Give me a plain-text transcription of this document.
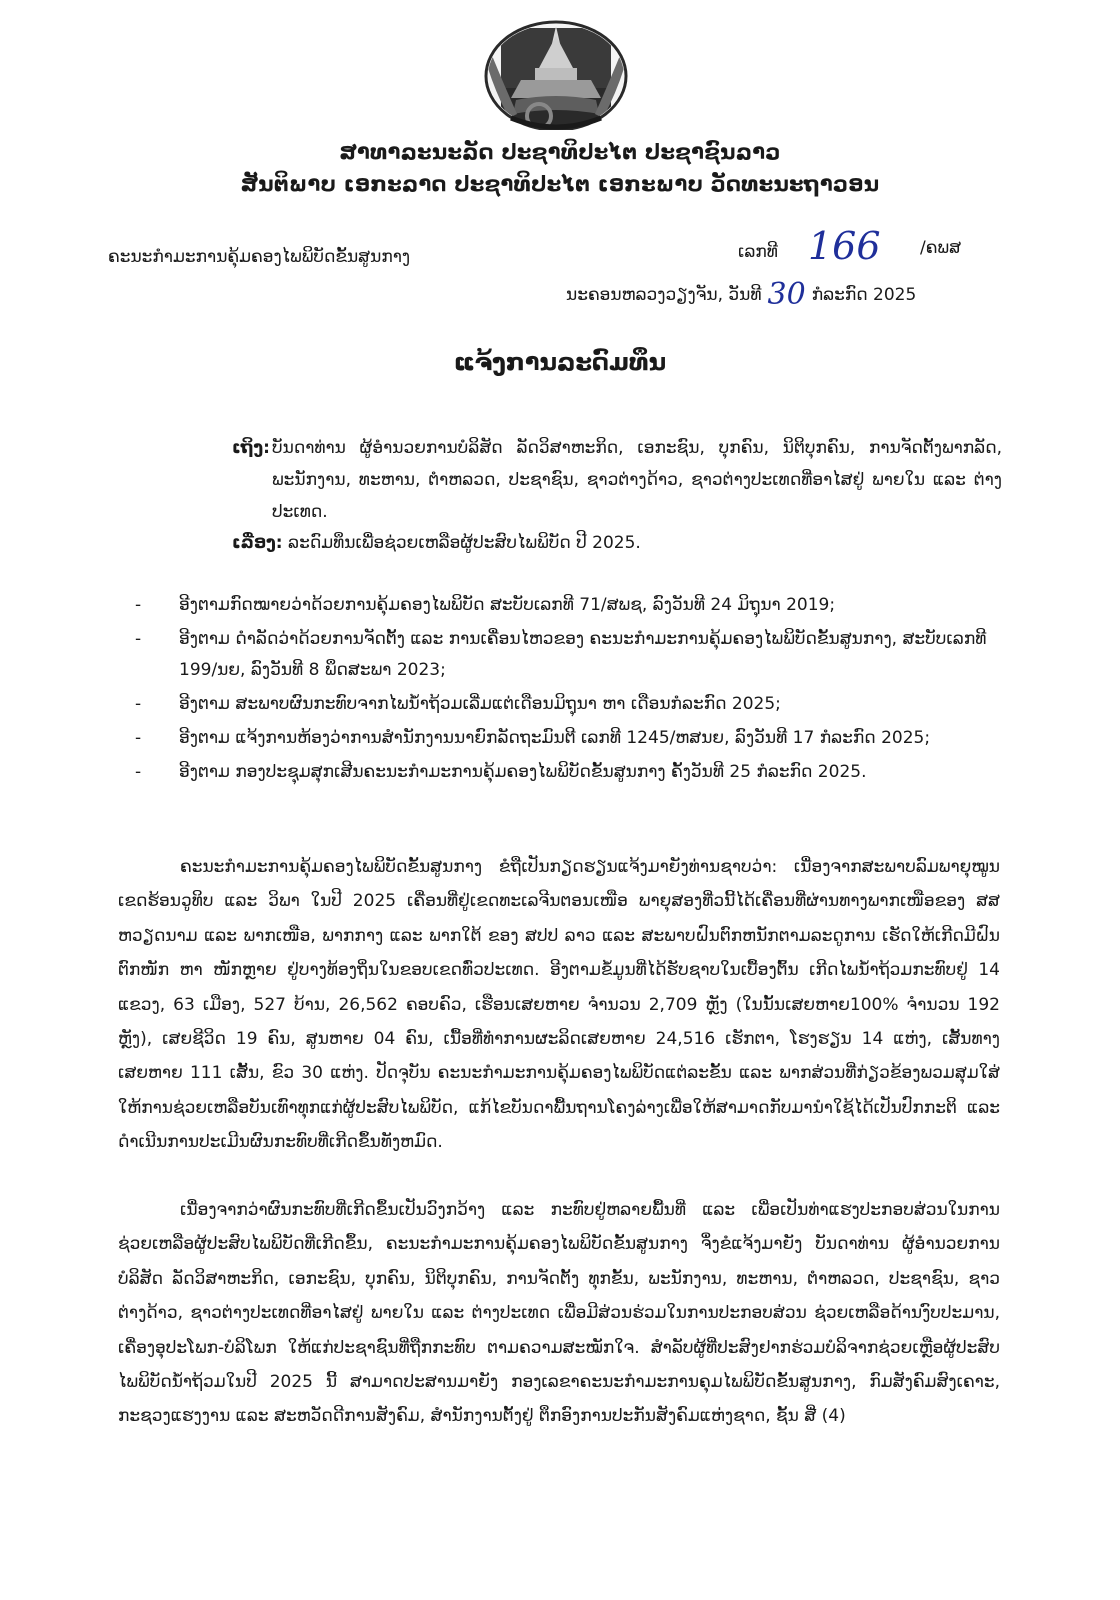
ສາທາລະນະລັດ ປະຊາທິປະໄຕ ປະຊາຊົນລາວ
ສັນຕິພາບ ເອກະລາດ ປະຊາທິປະໄຕ ເອກະພາບ ວັດທະນະຖາວອນ
ຄະນະກໍາມະການຄຸ້ມຄອງໄພພິບັດຂັ້ນສູນກາງ	ເລກທີ 166 /ຄພສ
ນະຄອນຫລວງວຽງຈັນ, ວັນທີ 30 ກໍລະກົດ 2025
ແຈ້ງການລະດົມທຶນ
ເຖິງ: ບັນດາທ່ານ ຜູ້ອໍານວຍການບໍລິສັດ ລັດວິສາຫະກິດ, ເອກະຊົນ, ບຸກຄົນ, ນິຕິບຸກຄົນ, ການຈັດຕັ້ງພາກລັດ, ພະນັກງານ, ທະຫານ, ຕໍາຫລວດ, ປະຊາຊົນ, ຊາວຕ່າງດ້າວ, ຊາວຕ່າງປະເທດທີ່ອາໄສຢູ່ ພາຍໃນ ແລະ ຕ່າງປະເທດ.
ເລື່ອງ: ລະດົມທຶນເພື່ອຊ່ວຍເຫລືອຜູ້ປະສົບໄພພິບັດ ປີ 2025.
- ອີງຕາມກົດໝາຍວ່າດ້ວຍການຄຸ້ມຄອງໄພພິບັດ ສະບັບເລກທີ 71/ສພຊ, ລົງວັນທີ 24 ມິຖຸນາ 2019;
- ອີງຕາມ ດໍາລັດວ່າດ້ວຍການຈັດຕັ້ງ ແລະ ການເຄື່ອນໄຫວຂອງ ຄະນະກໍາມະການຄຸ້ມຄອງໄພພິບັດຂັ້ນສູນກາງ, ສະບັບເລກທີ 199/ນຍ, ລົງວັນທີ 8 ພຶດສະພາ 2023;
- ອີງຕາມ ສະພາບຜົນກະທົບຈາກໄພນໍ້າຖ້ວມເລີ່ມແຕ່ເດືອນມິຖຸນາ ຫາ ເດືອນກໍລະກົດ 2025;
- ອີງຕາມ ແຈ້ງການຫ້ອງວ່າການສໍານັກງານນາຍົກລັດຖະມົນຕີ ເລກທີ 1245/ຫສນຍ, ລົງວັນທີ 17 ກໍລະກົດ 2025;
- ອີງຕາມ ກອງປະຊຸມສຸກເສີນຄະນະກໍາມະການຄຸ້ມຄອງໄພພິບັດຂັ້ນສູນກາງ ຄັ້ງວັນທີ 25 ກໍລະກົດ 2025.

ຄະນະກໍາມະການຄຸ້ມຄອງໄພພິບັດຂັ້ນສູນກາງ ຂໍຖືເປັນກຽດຮຽນແຈ້ງມາຍັງທ່ານຊາບວ່າ: ເນື່ອງຈາກສະພາບລົມພາຍຸໝູນເຂດຮ້ອນວູທິບ ແລະ ວິພາ ໃນປີ 2025 ເຄື່ອນທີ່ຢູ່ເຂດທະເລຈີນຕອນເໜືອ ພາຍຸສອງທີ່ວນີ້ໄດ້ເຄື່ອນທີ່ຜ່ານທາງພາກເໜືອຂອງ ສສ ຫວຽດນາມ ແລະ ພາກເໜືອ, ພາກກາງ ແລະ ພາກໃຕ້ ຂອງ ສປປ ລາວ ແລະ ສະພາບຝົນຕົກຫນັກຕາມລະດູການ ເຮັດໃຫ້ເກີດມີຝົນຕົກໜັກ ຫາ ໜັກຫຼາຍ ຢູ່ບາງທ້ອງຖິ່ນໃນຂອບເຂດທົ່ວປະເທດ. ອີງຕາມຂໍ້ມູນທີ່ໄດ້ຮັບຊາບໃນເບື້ອງຕົ້ນ ເກີດໄພນໍ້າຖ້ວມກະທົບຢູ່ 14 ແຂວງ, 63 ເມືອງ, 527 ບ້ານ, 26,562 ຄອບຄົວ, ເຮືອນເສຍຫາຍ ຈໍານວນ 2,709 ຫຼັງ (ໃນນັ້ນເສຍຫາຍ100% ຈໍານວນ 192 ຫຼັງ), ເສຍຊີວິດ 19 ຄົນ, ສູນຫາຍ 04 ຄົນ, ເນື້ອທີ່ທໍາການຜະລິດເສຍຫາຍ 24,516 ເຮັກຕາ, ໂຮງຮຽນ 14 ແຫ່ງ, ເສັ້ນທາງເສຍຫາຍ 111 ເສັ້ນ, ຂົວ 30 ແຫ່ງ. ປັດຈຸບັນ ຄະນະກໍາມະການຄຸ້ມຄອງໄພພິບັດແຕ່ລະຂັ້ນ ແລະ ພາກສ່ວນທີ່ກ່ຽວຂ້ອງພວມສຸມໃສ່ໃຫ້ການຊ່ວຍເຫລືອບັນເທົາທຸກແກ່ຜູ້ປະສົບໄພພິບັດ, ແກ້ໄຂບັນດາພື້ນຖານໂຄງລ່າງເພື່ອໃຫ້ສາມາດກັບມານໍາໃຊ້ໄດ້ເປັນປົກກະຕິ ແລະ ດໍາເນີນການປະເມີນຜົນກະທົບທີ່ເກີດຂຶ້ນທັງຫມົດ.

ເນື່ອງຈາກວ່າຜົນກະທົບທີ່ເກີດຂຶ້ນເປັນວົງກວ້າງ ແລະ ກະທົບຢູ່ຫລາຍພື້ນທີ່ ແລະ ເພື່ອເປັນທ່າແຮງປະກອບສ່ວນໃນການຊ່ວຍເຫລືອຜູ້ປະສົບໄພພິບັດທີ່ເກີດຂຶ້ນ, ຄະນະກໍາມະການຄຸ້ມຄອງໄພພິບັດຂັ້ນສູນກາງ ຈຶ່ງຂໍແຈ້ງມາຍັງ ບັນດາທ່ານ ຜູ້ອໍານວຍການບໍລິສັດ ລັດວິສາຫະກິດ, ເອກະຊົນ, ບຸກຄົນ, ນິຕິບຸກຄົນ, ການຈັດຕັ້ງ ທຸກຂັ້ນ, ພະນັກງານ, ທະຫານ, ຕໍາຫລວດ, ປະຊາຊົນ, ຊາວຕ່າງດ້າວ, ຊາວຕ່າງປະເທດທີ່ອາໄສຢູ່ ພາຍໃນ ແລະ ຕ່າງປະເທດ ເພື່ອມີສ່ວນຮ່ວມໃນການປະກອບສ່ວນ ຊ່ວຍເຫລືອດ້ານງົບປະມານ, ເຄື່ອງອຸປະໂພກ-ບໍລິໂພກ ໃຫ້ແກ່ປະຊາຊົນທີ່ຖືກກະທົບ ຕາມຄວາມສະໝັກໃຈ. ສໍາລັບຜູ້ທີ່ປະສົງຢາກຮ່ວມບໍລິຈາກຊ່ວຍເຫຼືອຜູ້ປະສົບໄພພິບັດນໍ້າຖ້ວມໃນປີ 2025 ນີ້ ສາມາດປະສານມາຍັງ ກອງເລຂາຄະນະກໍາມະການຄຸມໄພພິບັດຂັ້ນສູນກາງ, ກົມສັງຄົມສົງເຄາະ, ກະຊວງແຮງງານ ແລະ ສະຫວັດດີການສັງຄົມ, ສໍານັກງານຕັ້ງຢູ່ ຕຶກອົງການປະກັນສັງຄົມແຫ່ງຊາດ, ຊັ້ນ ສີ່ (4)
